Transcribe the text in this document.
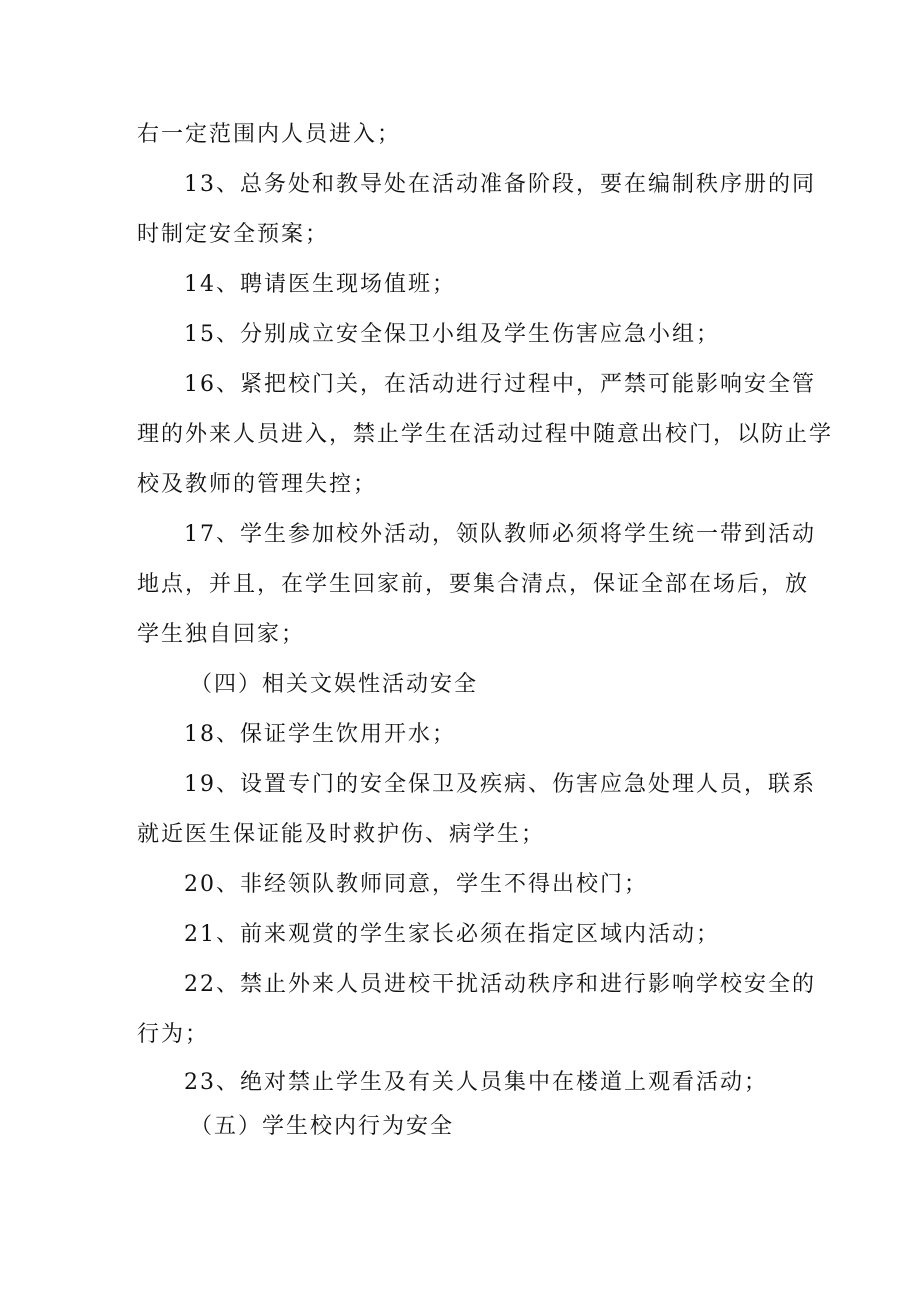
右一定范围内人员进入；
13、总务处和教导处在活动准备阶段，要在编制秩序册的同
时制定安全预案；
14、聘请医生现场值班；
15、分别成立安全保卫小组及学生伤害应急小组；
16、紧把校门关，在活动进行过程中，严禁可能影响安全管
理的外来人员进入，禁止学生在活动过程中随意出校门，以防止学
校及教师的管理失控；
17、学生参加校外活动，领队教师必须将学生统一带到活动
地点，并且，在学生回家前，要集合清点，保证全部在场后，放
学生独自回家；
（四）相关文娱性活动安全
18、保证学生饮用开水；
19、设置专门的安全保卫及疾病、伤害应急处理人员，联系
就近医生保证能及时救护伤、病学生；
20、非经领队教师同意，学生不得出校门；
21、前来观赏的学生家长必须在指定区域内活动；
22、禁止外来人员进校干扰活动秩序和进行影响学校安全的
行为；
23、绝对禁止学生及有关人员集中在楼道上观看活动；
（五）学生校内行为安全
